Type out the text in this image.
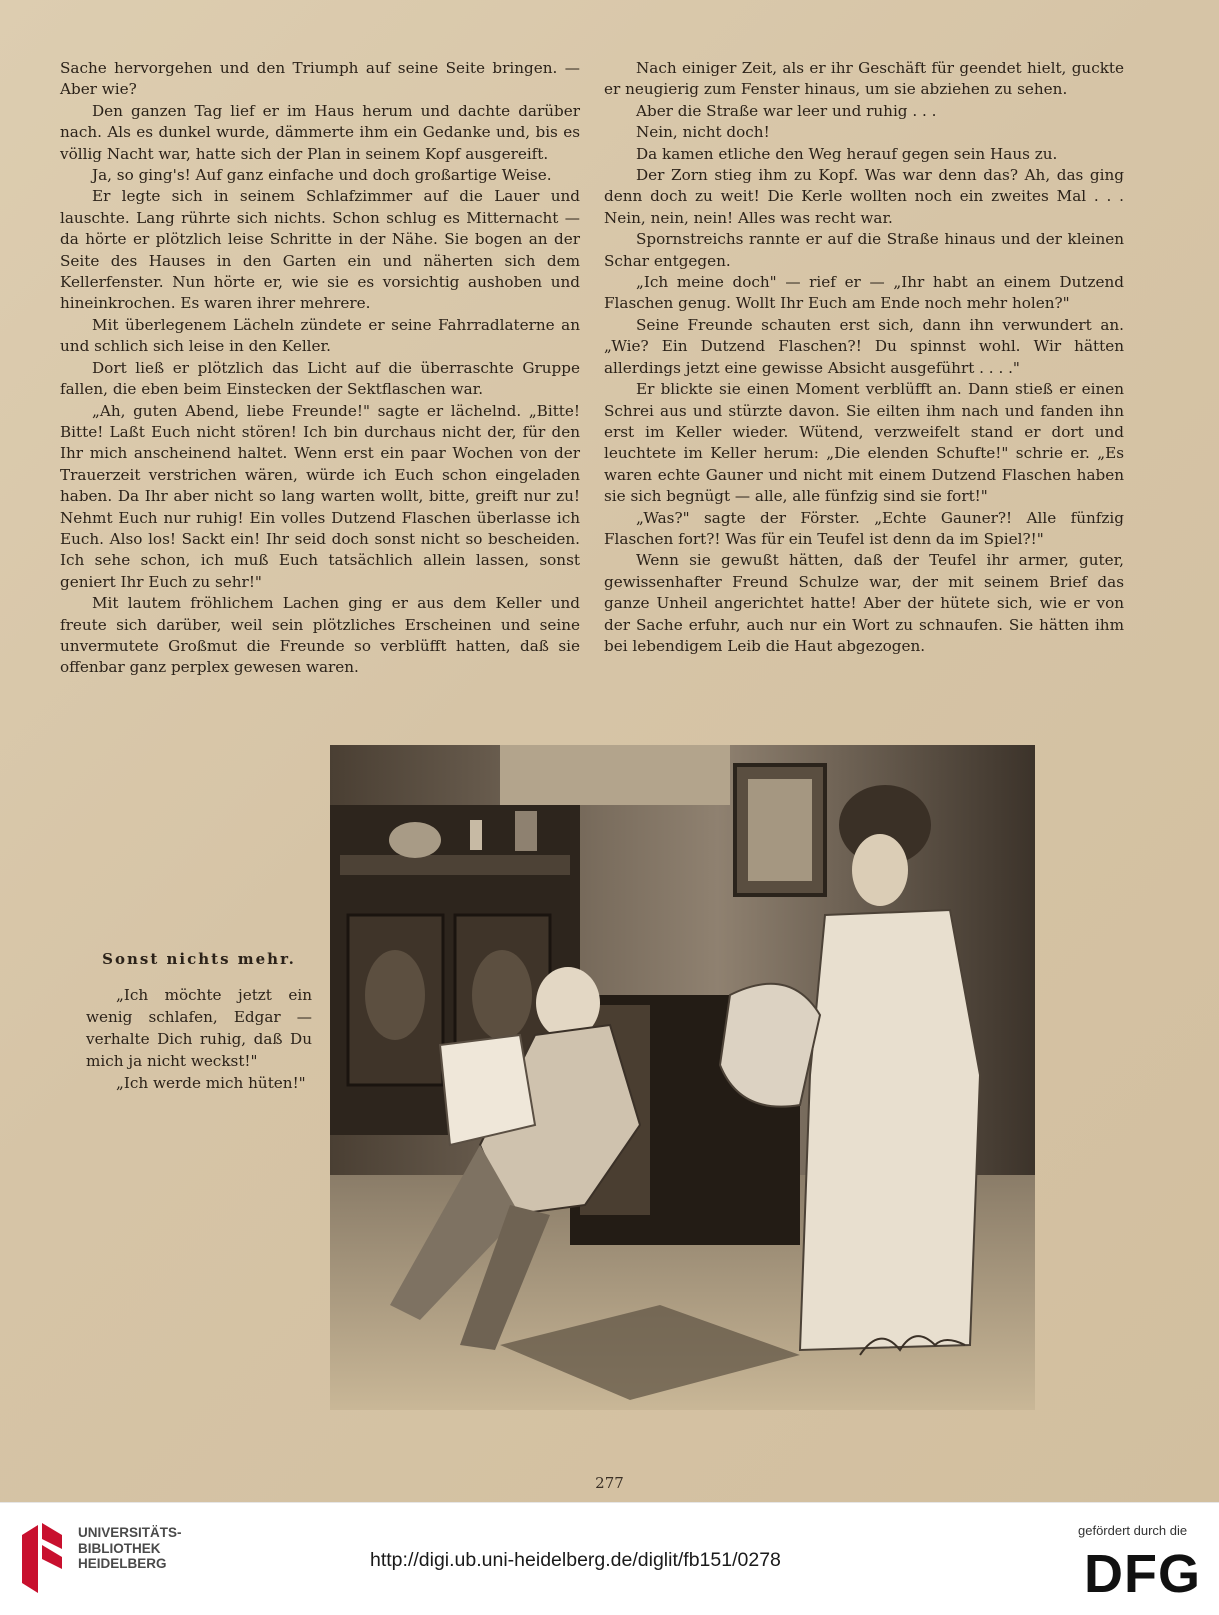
Sache hervorgehen und den Triumph auf seine Seite bringen. — Aber wie?

Den ganzen Tag lief er im Haus herum und dachte darüber nach. Als es dunkel wurde, dämmerte ihm ein Gedanke und, bis es völlig Nacht war, hatte sich der Plan in seinem Kopf ausgereift.

Ja, so ging's! Auf ganz einfache und doch großartige Weise.

Er legte sich in seinem Schlafzimmer auf die Lauer und lauschte. Lang rührte sich nichts. Schon schlug es Mitternacht — da hörte er plötzlich leise Schritte in der Nähe. Sie bogen an der Seite des Hauses in den Garten ein und näherten sich dem Kellerfenster. Nun hörte er, wie sie es vorsichtig aushoben und hineinkrochen. Es waren ihrer mehrere.

Mit überlegenem Lächeln zündete er seine Fahrradlaterne an und schlich sich leise in den Keller.

Dort ließ er plötzlich das Licht auf die überraschte Gruppe fallen, die eben beim Einstecken der Sektflaschen war.

„Ah, guten Abend, liebe Freunde!" sagte er lächelnd. „Bitte! Bitte! Laßt Euch nicht stören! Ich bin durchaus nicht der, für den Ihr mich anscheinend haltet. Wenn erst ein paar Wochen von der Trauerzeit verstrichen wären, würde ich Euch schon eingeladen haben. Da Ihr aber nicht so lang warten wollt, bitte, greift nur zu! Nehmt Euch nur ruhig! Ein volles Dutzend Flaschen überlasse ich Euch. Also los! Sackt ein! Ihr seid doch sonst nicht so bescheiden. Ich sehe schon, ich muß Euch tatsächlich allein lassen, sonst geniert Ihr Euch zu sehr!"

Mit lautem fröhlichem Lachen ging er aus dem Keller und freute sich darüber, weil sein plötzliches Erscheinen und seine unvermutete Großmut die Freunde so verblüfft hatten, daß sie offenbar ganz perplex gewesen waren.

Nach einiger Zeit, als er ihr Geschäft für geendet hielt, guckte er neugierig zum Fenster hinaus, um sie abziehen zu sehen.

Aber die Straße war leer und ruhig . . .

Nein, nicht doch!

Da kamen etliche den Weg herauf gegen sein Haus zu.

Der Zorn stieg ihm zu Kopf. Was war denn das? Ah, das ging denn doch zu weit! Die Kerle wollten noch ein zweites Mal . . . Nein, nein, nein! Alles was recht war.

Spornstreichs rannte er auf die Straße hinaus und der kleinen Schar entgegen.

„Ich meine doch" — rief er — „Ihr habt an einem Dutzend Flaschen genug. Wollt Ihr Euch am Ende noch mehr holen?"

Seine Freunde schauten erst sich, dann ihn verwundert an. „Wie? Ein Dutzend Flaschen?! Du spinnst wohl. Wir hätten allerdings jetzt eine gewisse Absicht ausgeführt . . . ."

Er blickte sie einen Moment verblüfft an. Dann stieß er einen Schrei aus und stürzte davon. Sie eilten ihm nach und fanden ihn erst im Keller wieder. Wütend, verzweifelt stand er dort und leuchtete im Keller herum: „Die elenden Schufte!" schrie er. „Es waren echte Gauner und nicht mit einem Dutzend Flaschen haben sie sich begnügt — alle, alle fünfzig sind sie fort!"

„Was?" sagte der Förster. „Echte Gauner?! Alle fünfzig Flaschen fort?! Was für ein Teufel ist denn da im Spiel?!"

Wenn sie gewußt hätten, daß der Teufel ihr armer, guter, gewissenhafter Freund Schulze war, der mit seinem Brief das ganze Unheil angerichtet hatte! Aber der hütete sich, wie er von der Sache erfuhr, auch nur ein Wort zu schnaufen. Sie hätten ihm bei lebendigem Leib die Haut abgezogen.

Sonst nichts mehr.

„Ich möchte jetzt ein wenig schlafen, Edgar — verhalte Dich ruhig, daß Du mich ja nicht weckst!"

„Ich werde mich hüten!"

277
UNIVERSITÄTS-
BIBLIOTHEK
HEIDELBERG	http://digi.ub.uni-heidelberg.de/diglit/fb151/0278
gefördert durch die
DFG
